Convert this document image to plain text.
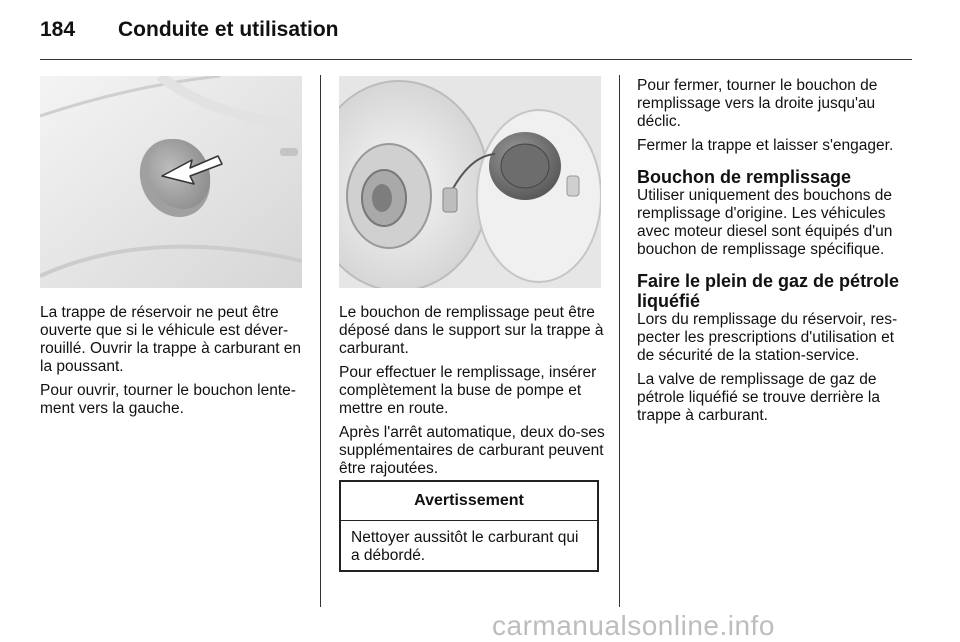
184 Conduite et utilisation

La trappe de réservoir ne peut être ouverte que si le véhicule est déver-rouillé. Ouvrir la trappe à carburant en la poussant.

Pour ouvrir, tourner le bouchon lente-ment vers la gauche.

Le bouchon de remplissage peut être déposé dans le support sur la trappe à carburant.

Pour effectuer le remplissage, insérer complètement la buse de pompe et mettre en route.

Après l'arrêt automatique, deux do-ses supplémentaires de carburant peuvent être rajoutées.

Avertissement
Nettoyer aussitôt le carburant qui a débordé.

Pour fermer, tourner le bouchon de remplissage vers la droite jusqu'au déclic.

Fermer la trappe et laisser s'engager.

Bouchon de remplissage

Utiliser uniquement des bouchons de remplissage d'origine. Les véhicules avec moteur diesel sont équipés d'un bouchon de remplissage spécifique.

Faire le plein de gaz de pétrole liquéfié

Lors du remplissage du réservoir, res-pecter les prescriptions d'utilisation et de sécurité de la station-service.

La valve de remplissage de gaz de pétrole liquéfié se trouve derrière la trappe à carburant.

carmanualsonline.info
